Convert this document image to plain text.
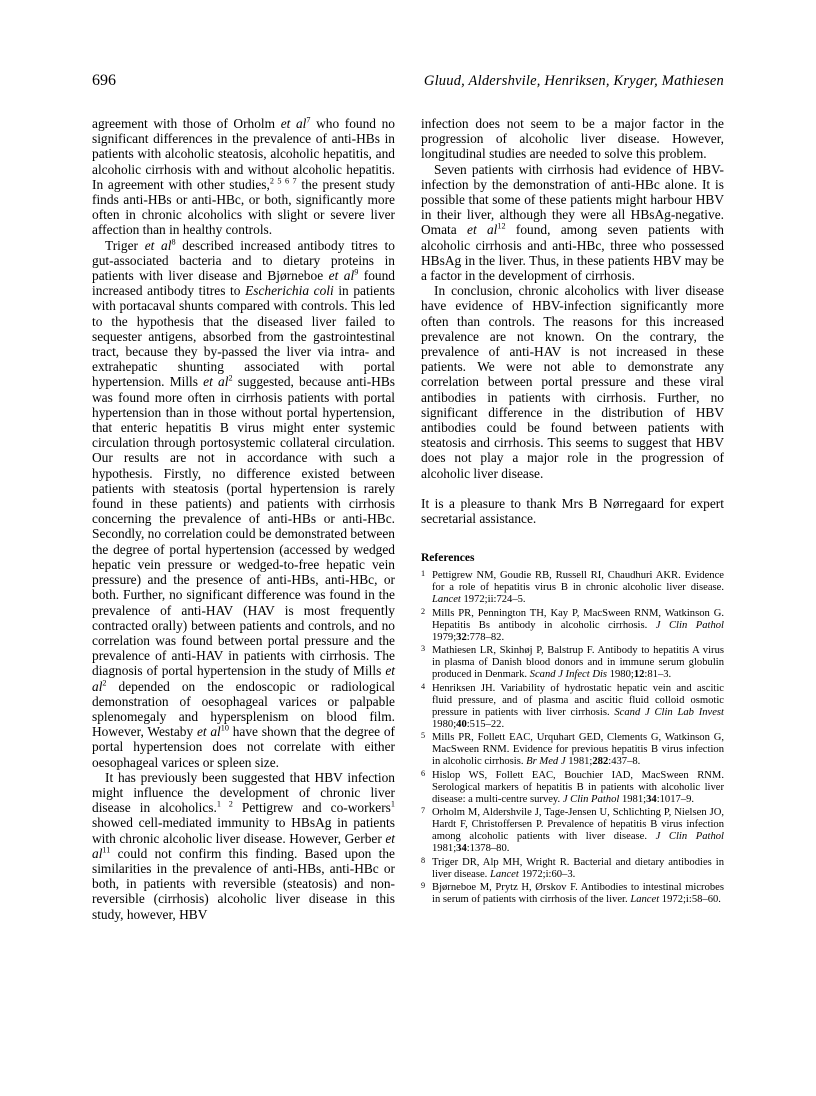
696	Gluud, Aldershvile, Henriksen, Kryger, Mathiesen

agreement with those of Orholm et $al^7$ who found no significant differences in the prevalence of anti-HBs in patients with alcoholic steatosis, alcoholic hepatitis, and alcoholic cirrhosis with and without alcoholic hepatitis. In agreement with other studies,$^{2 5 6 7}$ the present study finds anti-HBs or anti-HBc, or both, significantly more often in chronic alcoholics with slight or severe liver affection than in healthy controls.

Triger et $al^8$ described increased antibody titres to gut-associated bacteria and to dietary proteins in patients with liver disease and Bjørneboe et $al^9$ found increased antibody titres to Escherichia coli in patients with portacaval shunts compared with controls. This led to the hypothesis that the diseased liver failed to sequester antigens, absorbed from the gastrointestinal tract, because they by-passed the liver via intra- and extrahepatic shunting associated with portal hypertension. Mills et $al^2$ suggested, because anti-HBs was found more often in cirrhosis patients with portal hypertension than in those without portal hypertension, that enteric hepatitis B virus might enter systemic circulation through portosystemic collateral circulation. Our results are not in accordance with such a hypothesis. Firstly, no difference existed between patients with steatosis (portal hypertension is rarely found in these patients) and patients with cirrhosis concerning the prevalence of anti-HBs or anti-HBc. Secondly, no correlation could be demonstrated between the degree of portal hypertension (accessed by wedged hepatic vein pressure or wedged-to-free hepatic vein pressure) and the presence of anti-HBs, anti-HBc, or both. Further, no significant difference was found in the prevalence of anti-HAV (HAV is most frequently contracted orally) between patients and controls, and no correlation was found between portal pressure and the prevalence of anti-HAV in patients with cirrhosis. The diagnosis of portal hypertension in the study of Mills et $al^2$ depended on the endoscopic or radiological demonstration of oesophageal varices or palpable splenomegaly and hypersplenism on blood film. However, Westaby et $al^{10}$ have shown that the degree of portal hypertension does not correlate with either oesophageal varices or spleen size.

It has previously been suggested that HBV infection might influence the development of chronic liver disease in alcoholics.$^{1 2}$ Pettigrew and co-workers$^1$ showed cell-mediated immunity to HBsAg in patients with chronic alcoholic liver disease. However, Gerber et $al^{11}$ could not confirm this finding. Based upon the similarities in the prevalence of anti-HBs, anti-HBc or both, in patients with reversible (steatosis) and non-reversible (cirrhosis) alcoholic liver disease in this study, however, HBV

infection does not seem to be a major factor in the progression of alcoholic liver disease. However, longitudinal studies are needed to solve this problem.

Seven patients with cirrhosis had evidence of HBV-infection by the demonstration of anti-HBc alone. It is possible that some of these patients might harbour HBV in their liver, although they were all HBsAg-negative. Omata et $al^{12}$ found, among seven patients with alcoholic cirrhosis and anti-HBc, three who possessed HBsAg in the liver. Thus, in these patients HBV may be a factor in the development of cirrhosis.

In conclusion, chronic alcoholics with liver disease have evidence of HBV-infection significantly more often than controls. The reasons for this increased prevalence are not known. On the contrary, the prevalence of anti-HAV is not increased in these patients. We were not able to demonstrate any correlation between portal pressure and these viral antibodies in patients with cirrhosis. Further, no significant difference in the distribution of HBV antibodies could be found between patients with steatosis and cirrhosis. This seems to suggest that HBV does not play a major role in the progression of alcoholic liver disease.

It is a pleasure to thank Mrs B Nørregaard for expert secretarial assistance.

References
1 Pettigrew NM, Goudie RB, Russell RI, Chaudhuri AKR. Evidence for a role of hepatitis virus B in chronic alcoholic liver disease. Lancet 1972;ii:724–5.
2 Mills PR, Pennington TH, Kay P, MacSween RNM, Watkinson G. Hepatitis Bs antibody in alcoholic cirrhosis. J Clin Pathol 1979;32:778–82.
3 Mathiesen LR, Skinhøj P, Balstrup F. Antibody to hepatitis A virus in plasma of Danish blood donors and in immune serum globulin produced in Denmark. Scand J Infect Dis 1980;12:81–3.
4 Henriksen JH. Variability of hydrostatic hepatic vein and ascitic fluid pressure, and of plasma and ascitic fluid colloid osmotic pressure in patients with liver cirrhosis. Scand J Clin Lab Invest 1980;40:515–22.
5 Mills PR, Follett EAC, Urquhart GED, Clements G, Watkinson G, MacSween RNM. Evidence for previous hepatitis B virus infection in alcoholic cirrhosis. Br Med J 1981;282:437–8.
6 Hislop WS, Follett EAC, Bouchier IAD, MacSween RNM. Serological markers of hepatitis B in patients with alcoholic liver disease: a multi-centre survey. J Clin Pathol 1981;34:1017–9.
7 Orholm M, Aldershvile J, Tage-Jensen U, Schlichting P, Nielsen JO, Hardt F, Christoffersen P. Prevalence of hepatitis B virus infection among alcoholic patients with liver disease. J Clin Pathol 1981;34:1378–80.
8 Triger DR, Alp MH, Wright R. Bacterial and dietary antibodies in liver disease. Lancet 1972;i:60–3.
9 Bjørneboe M, Prytz H, Ørskov F. Antibodies to intestinal microbes in serum of patients with cirrhosis of the liver. Lancet 1972;i:58–60.
